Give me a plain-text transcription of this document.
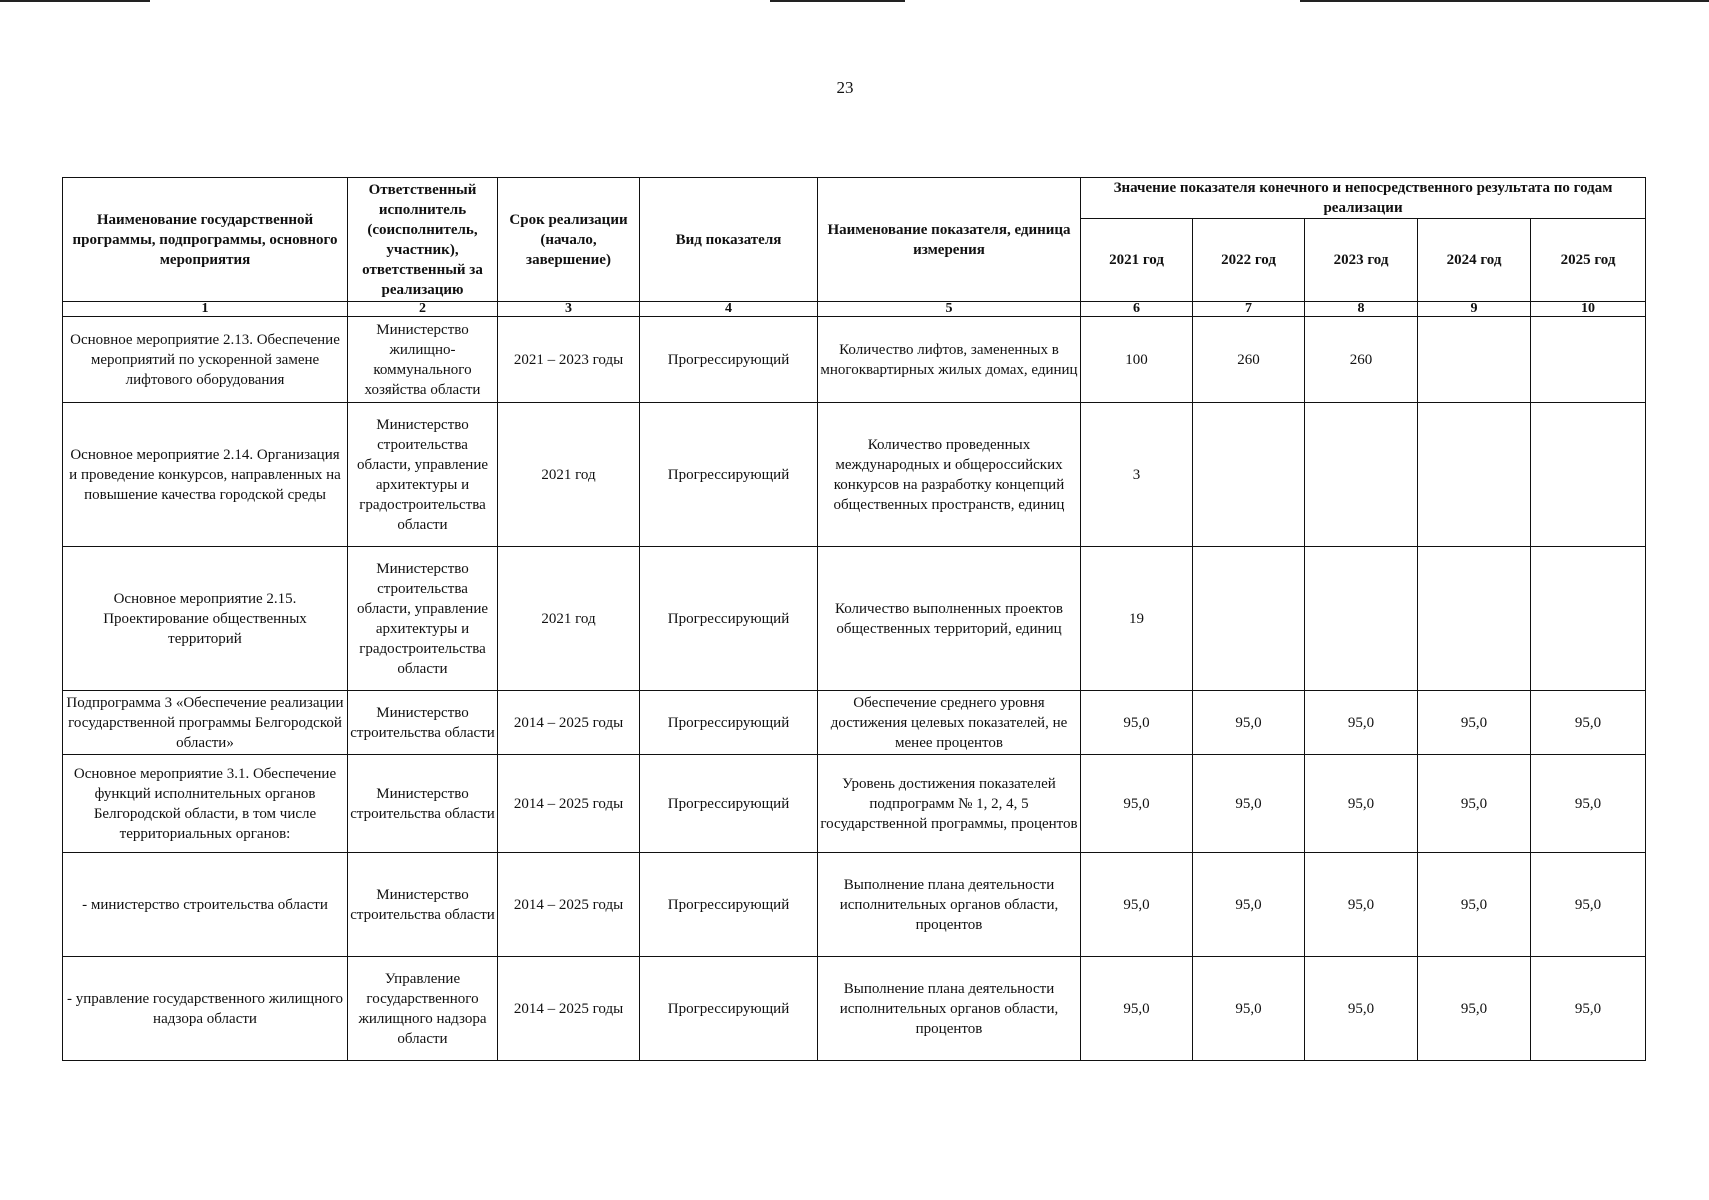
23
Наименование государственной программы, подпрограммы, основного мероприятия	Ответственный исполнитель (соисполнитель, участник), ответственный за реализацию	Срок реализации (начало, завершение)	Вид показателя	Наименование показателя, единица измерения	Значение показателя конечного и непосредственного результата по годам реализации				
					2021 год	2022 год	2023 год	2024 год	2025 год
1	2	3	4	5	6	7	8	9	10
Основное мероприятие 2.13. Обеспечение мероприятий по ускоренной замене лифтового оборудования	Министерство жилищно-коммунального хозяйства области	2021 – 2023 годы	Прогрессирующий	Количество лифтов, замененных в многоквартирных жилых домах, единиц	100	260	260		
Основное мероприятие 2.14. Организация и проведение конкурсов, направленных на повышение качества городской среды	Министерство строительства области, управление архитектуры и градостроительства области	2021 год	Прогрессирующий	Количество проведенных международных и общероссийских конкурсов на разработку концепций общественных пространств, единиц	3				
Основное мероприятие 2.15. Проектирование общественных территорий	Министерство строительства области, управление архитектуры и градостроительства области	2021 год	Прогрессирующий	Количество выполненных проектов общественных территорий, единиц	19				
Подпрограмма 3 «Обеспечение реализации государственной программы Белгородской области»	Министерство строительства области	2014 – 2025 годы	Прогрессирующий	Обеспечение среднего уровня достижения целевых показателей, не менее процентов	95,0	95,0	95,0	95,0	95,0
Основное мероприятие 3.1. Обеспечение функций исполнительных органов Белгородской области, в том числе территориальных органов:	Министерство строительства области	2014 – 2025 годы	Прогрессирующий	Уровень достижения показателей подпрограмм № 1, 2, 4, 5 государственной программы, процентов	95,0	95,0	95,0	95,0	95,0
- министерство строительства области	Министерство строительства области	2014 – 2025 годы	Прогрессирующий	Выполнение плана деятельности исполнительных органов области, процентов	95,0	95,0	95,0	95,0	95,0
- управление государственного жилищного надзора области	Управление государственного жилищного надзора области	2014 – 2025 годы	Прогрессирующий	Выполнение плана деятельности исполнительных органов области, процентов	95,0	95,0	95,0	95,0	95,0
